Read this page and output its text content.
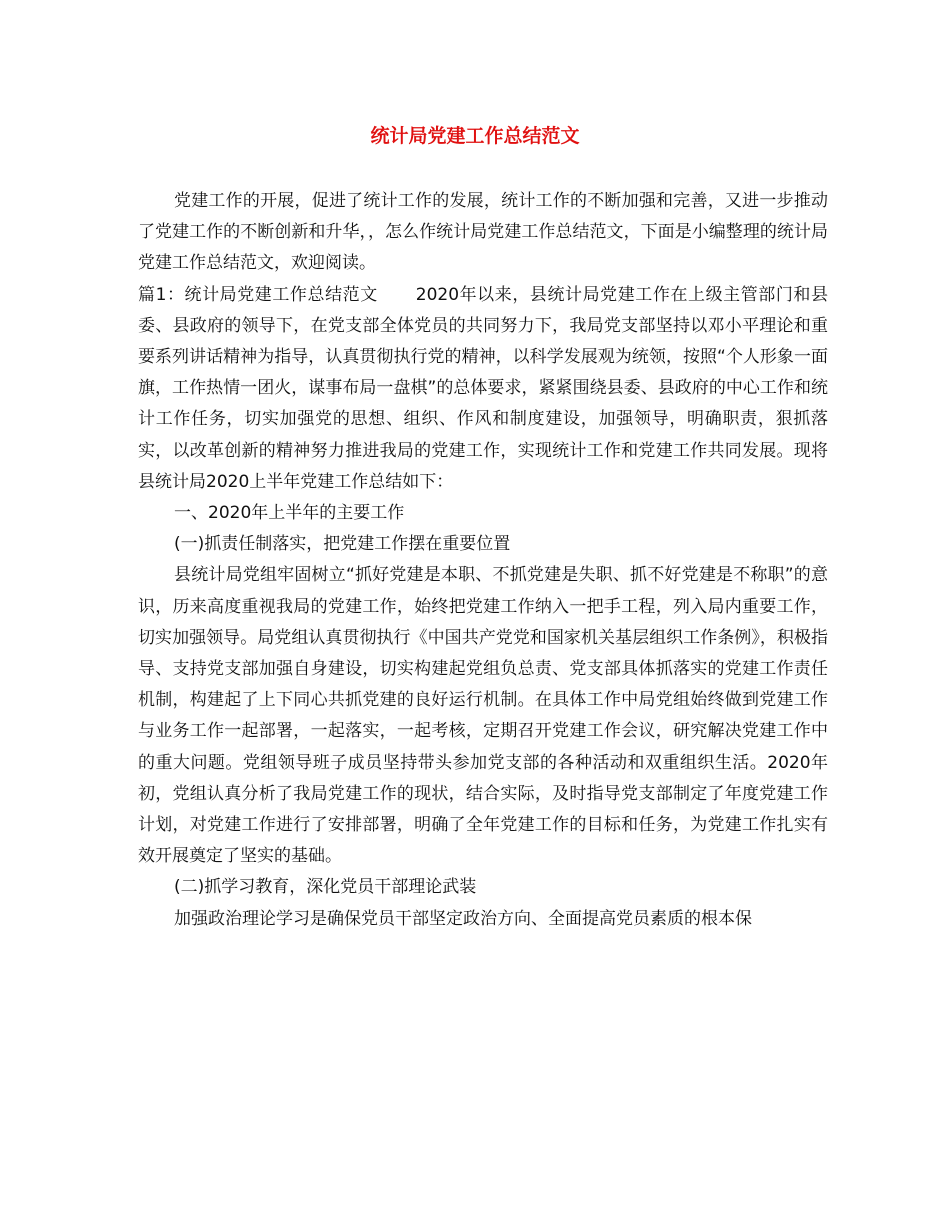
统计局党建工作总结范文

党建工作的开展，促进了统计工作的发展，统计工作的不断加强和完善，又进一步推动了党建工作的不断创新和升华，，怎么作统计局党建工作总结范文，下面是小编整理的统计局党建工作总结范文，欢迎阅读。

篇1：统计局党建工作总结范文 2020年以来，县统计局党建工作在上级主管部门和县委、县政府的领导下，在党支部全体党员的共同努力下，我局党支部坚持以邓小平理论和重要系列讲话精神为指导，认真贯彻执行党的精神，以科学发展观为统领，按照“个人形象一面旗，工作热情一团火，谋事布局一盘棋”的总体要求，紧紧围绕县委、县政府的中心工作和统计工作任务，切实加强党的思想、组织、作风和制度建设，加强领导，明确职责，狠抓落实，以改革创新的精神努力推进我局的党建工作，实现统计工作和党建工作共同发展。现将县统计局2020上半年党建工作总结如下：

一、2020年上半年的主要工作

(一)抓责任制落实，把党建工作摆在重要位置

县统计局党组牢固树立“抓好党建是本职、不抓党建是失职、抓不好党建是不称职”的意识，历来高度重视我局的党建工作，始终把党建工作纳入一把手工程，列入局内重要工作，切实加强领导。局党组认真贯彻执行《中国共产党党和国家机关基层组织工作条例》，积极指导、支持党支部加强自身建设，切实构建起党组负总责、党支部具体抓落实的党建工作责任机制，构建起了上下同心共抓党建的良好运行机制。在具体工作中局党组始终做到党建工作与业务工作一起部署，一起落实，一起考核，定期召开党建工作会议，研究解决党建工作中的重大问题。党组领导班子成员坚持带头参加党支部的各种活动和双重组织生活。2020年初，党组认真分析了我局党建工作的现状，结合实际，及时指导党支部制定了年度党建工作计划，对党建工作进行了安排部署，明确了全年党建工作的目标和任务，为党建工作扎实有效开展奠定了坚实的基础。

(二)抓学习教育，深化党员干部理论武装

加强政治理论学习是确保党员干部坚定政治方向、全面提高党员素质的根本保
